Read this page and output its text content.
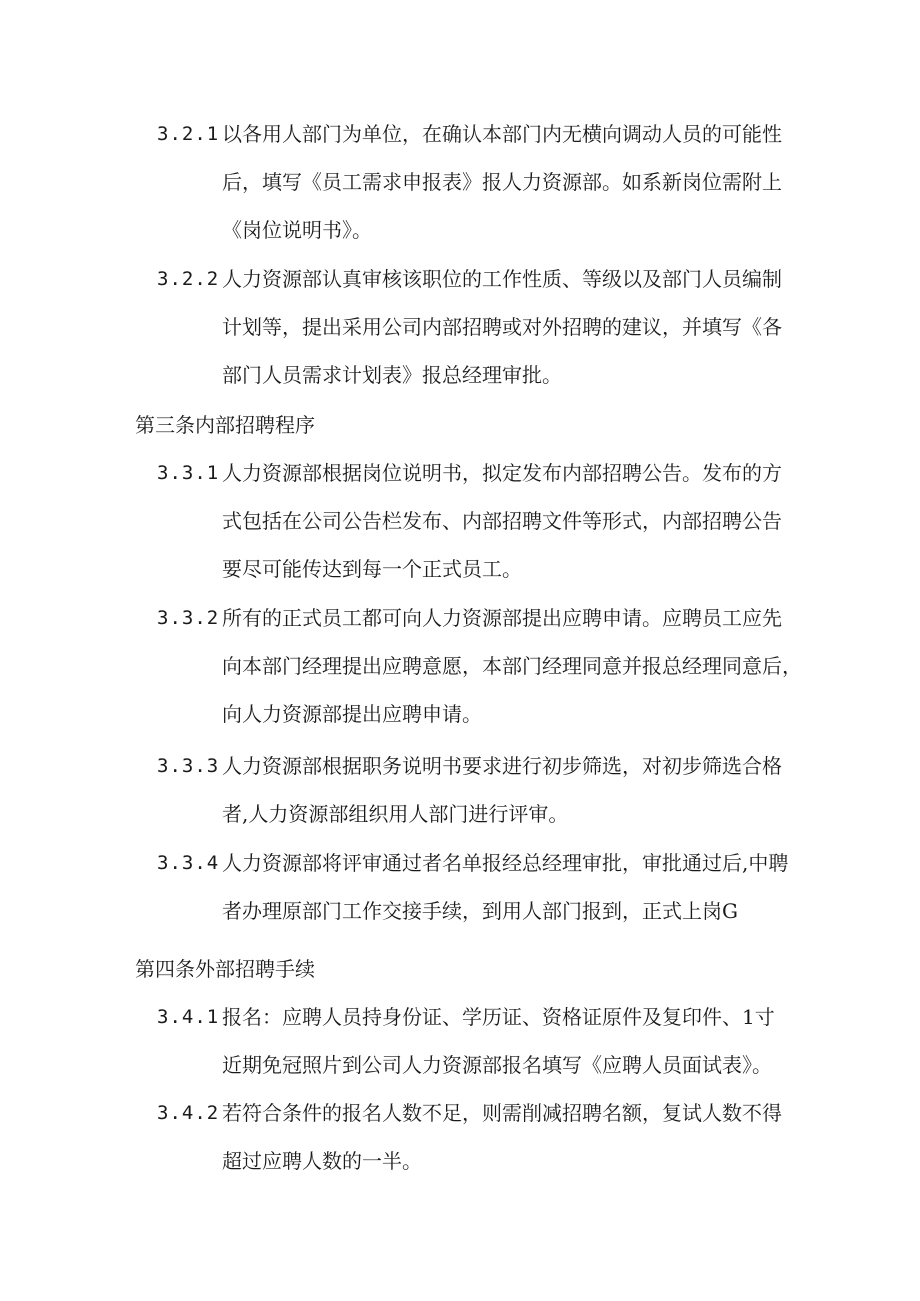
3.2.1 以各用人部门为单位，在确认本部门内无横向调动人员的可能性
后，填写《员工需求申报表》报人力资源部。如系新岗位需附上
《岗位说明书》。
3.2.2 人力资源部认真审核该职位的工作性质、等级以及部门人员编制
计划等，提出采用公司内部招聘或对外招聘的建议，并填写《各
部门人员需求计划表》报总经理审批。
第三条内部招聘程序
3.3.1 人力资源部根据岗位说明书，拟定发布内部招聘公告。发布的方
式包括在公司公告栏发布、内部招聘文件等形式，内部招聘公告
要尽可能传达到每一个正式员工。
3.3.2 所有的正式员工都可向人力资源部提出应聘申请。应聘员工应先
向本部门经理提出应聘意愿，本部门经理同意并报总经理同意后，
向人力资源部提出应聘申请。
3.3.3 人力资源部根据职务说明书要求进行初步筛选，对初步筛选合格
者,人力资源部组织用人部门进行评审。
3.3.4 人力资源部将评审通过者名单报经总经理审批，审批通过后,中聘
者办理原部门工作交接手续，到用人部门报到，正式上岗G
第四条外部招聘手续
3.4.1 报名：应聘人员持身份证、学历证、资格证原件及复印件、1寸
近期免冠照片到公司人力资源部报名填写《应聘人员面试表》。
3.4.2 若符合条件的报名人数不足，则需削减招聘名额，复试人数不得
超过应聘人数的一半。
